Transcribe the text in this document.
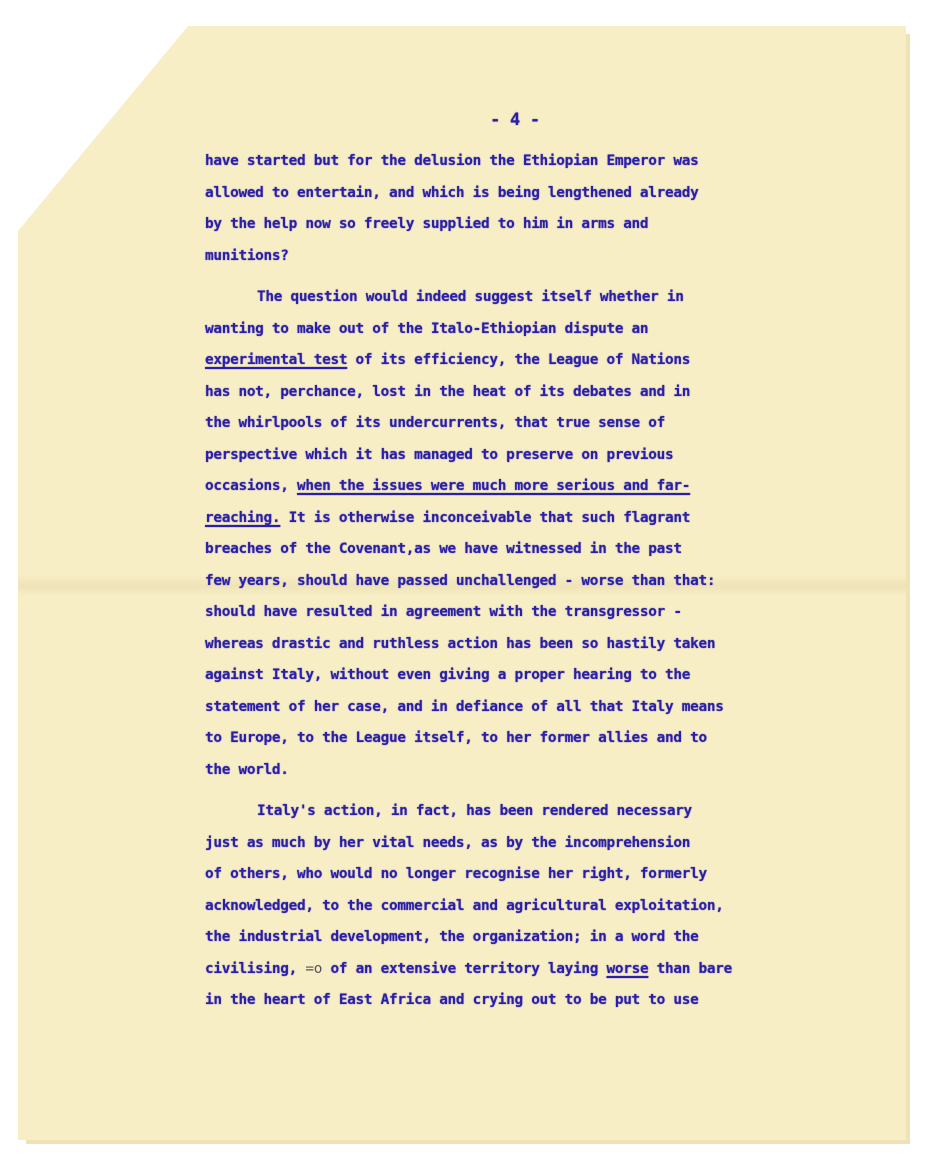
- 4 -
have started but for the delusion the Ethiopian Emperor was
allowed to entertain, and which is being lengthened already
by the help now so freely supplied to him in arms and
munitions?
The question would indeed suggest itself whether in
wanting to make out of the Italo-Ethiopian dispute an
experimental test of its efficiency, the League of Nations
has not, perchance, lost in the heat of its debates and in
the whirlpools of its undercurrents, that true sense of
perspective which it has managed to preserve on previous
occasions, when the issues were much more serious and far-
reaching. It is otherwise inconceivable that such flagrant
breaches of the Covenant,as we have witnessed in the past
few years, should have passed unchallenged - worse than that:
should have resulted in agreement with the transgressor -
whereas drastic and ruthless action has been so hastily taken
against Italy, without even giving a proper hearing to the
statement of her case, and in defiance of all that Italy means
to Europe, to the League itself, to her former allies and to
the world.
Italy's action, in fact, has been rendered necessary
just as much by her vital needs, as by the incomprehension
of others, who would no longer recognise her right, formerly
acknowledged, to the commercial and agricultural exploitation,
the industrial development, the organization; in a word the
civilising, =o of an extensive territory laying worse than bare
in the heart of East Africa and crying out to be put to use
